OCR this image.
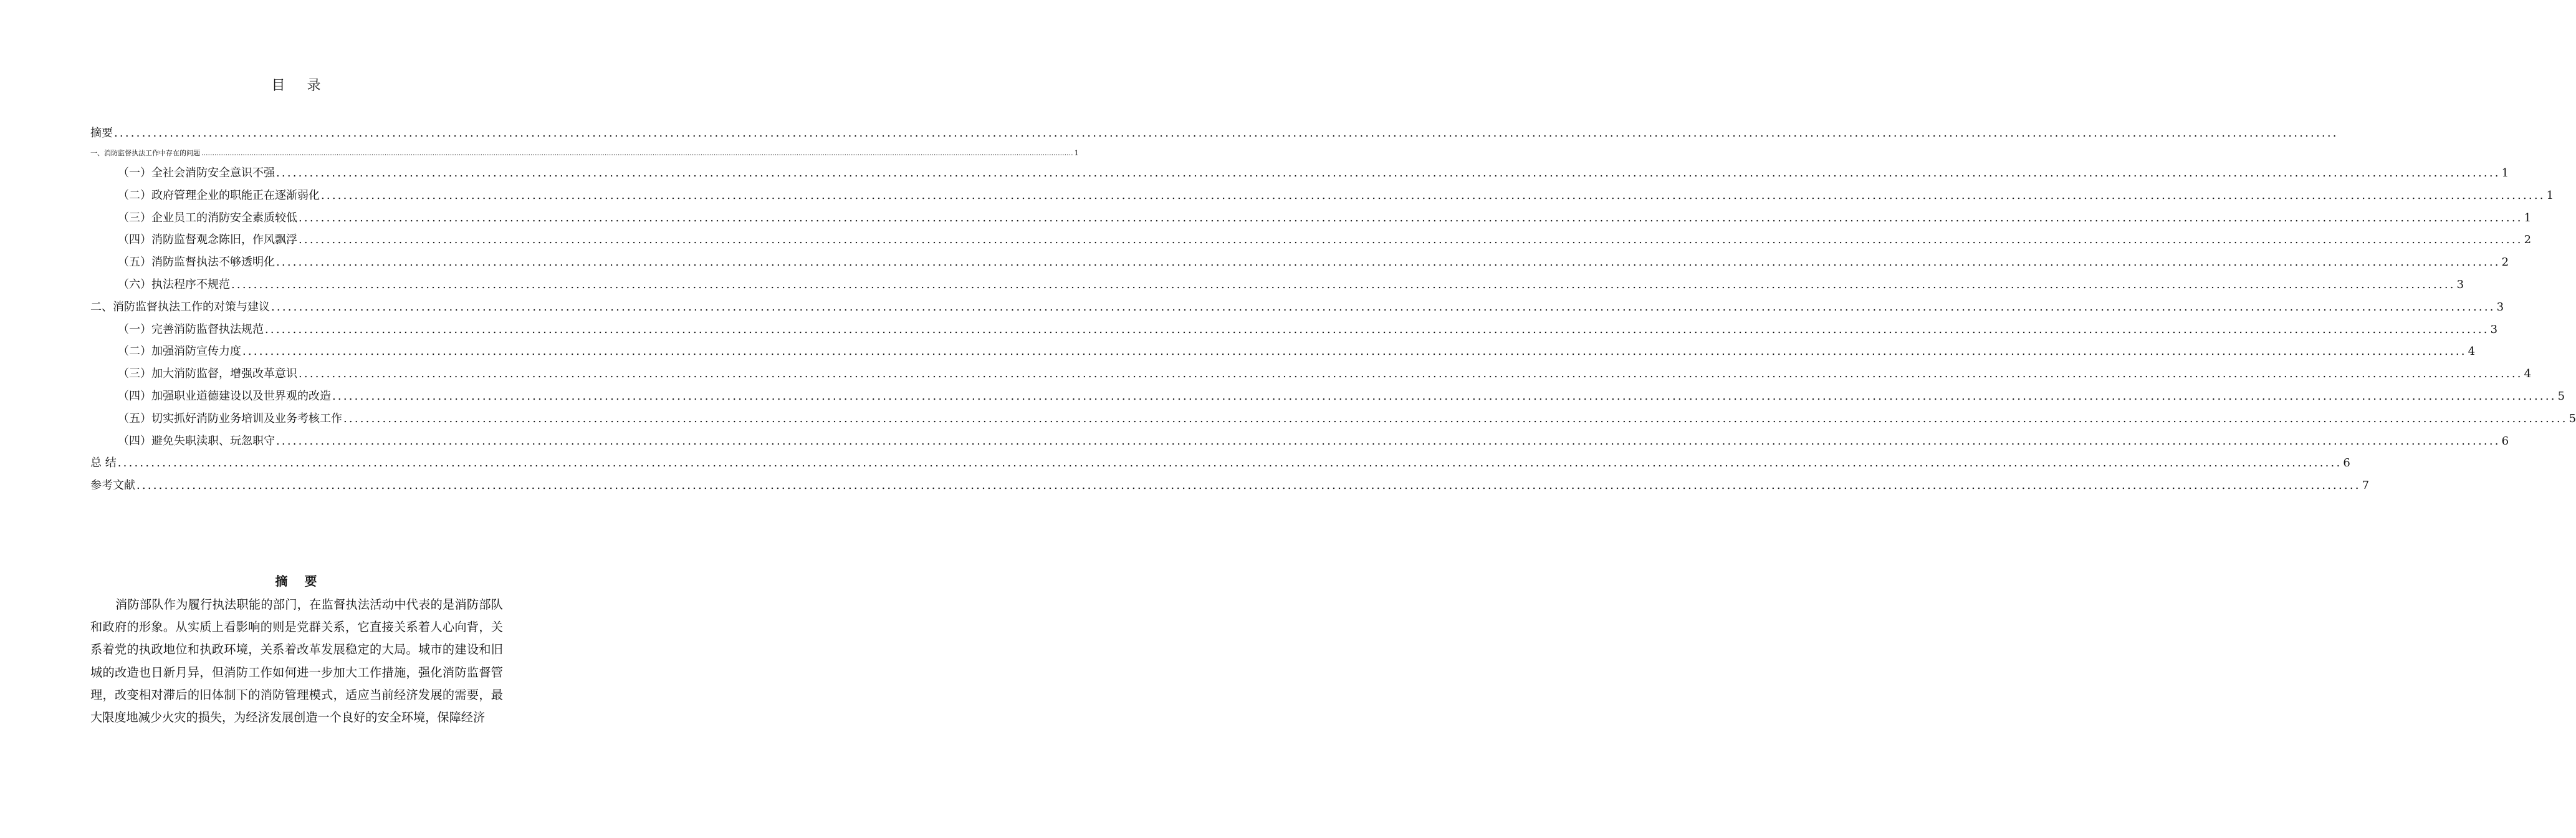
目 录
摘要 ................................................................................................................................................................................................................................................................................................................................................................................................................
一、消防监督执法工作中存在的问题 ................................................................................................................................................................................................................................................................................................................................................................................................................ 1
（一）全社会消防安全意识不强 ................................................................................................................................................................................................................................................................................................................................................................................................................ 1
（二）政府管理企业的职能正在逐渐弱化 ................................................................................................................................................................................................................................................................................................................................................................................................................ 1
（三）企业员工的消防安全素质较低 ................................................................................................................................................................................................................................................................................................................................................................................................................ 1
（四）消防监督观念陈旧，作风飘浮 ................................................................................................................................................................................................................................................................................................................................................................................................................ 2
（五）消防监督执法不够透明化 ................................................................................................................................................................................................................................................................................................................................................................................................................ 2
（六）执法程序不规范 ................................................................................................................................................................................................................................................................................................................................................................................................................ 3
二、消防监督执法工作的对策与建议 ................................................................................................................................................................................................................................................................................................................................................................................................................ 3
（一）完善消防监督执法规范 ................................................................................................................................................................................................................................................................................................................................................................................................................ 3
（二）加强消防宣传力度 ................................................................................................................................................................................................................................................................................................................................................................................................................ 4
（三）加大消防监督，增强改革意识 ................................................................................................................................................................................................................................................................................................................................................................................................................ 4
（四）加强职业道德建设以及世界观的改造 ................................................................................................................................................................................................................................................................................................................................................................................................................ 5
（五）切实抓好消防业务培训及业务考核工作 ................................................................................................................................................................................................................................................................................................................................................................................................................ 5
（四）避免失职渎职、玩忽职守 ................................................................................................................................................................................................................................................................................................................................................................................................................ 6
总 结 ................................................................................................................................................................................................................................................................................................................................................................................................................ 6
参考文献 ................................................................................................................................................................................................................................................................................................................................................................................................................ 7
摘 要
消防部队作为履行执法职能的部门，在监督执法活动中代表的是消防部队和政府的形象。从实质上看影响的则是党群关系，它直接关系着人心向背，关系着党的执政地位和执政环境，关系着改革发展稳定的大局。城市的建设和旧城的改造也日新月异，但消防工作如何进一步加大工作措施，强化消防监督管理，改变相对滞后的旧体制下的消防管理模式，适应当前经济发展的需要，最大限度地减少火灾的损失，为经济发展创造一个良好的安全环境，保障经济
